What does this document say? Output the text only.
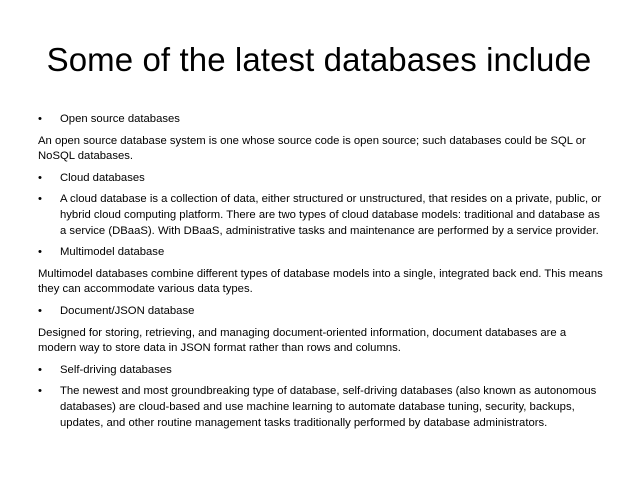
Some of the latest databases include
•	Open source databases

An open source database system is one whose source code is open source; such databases could be SQL or NoSQL databases.

•	Cloud databases
•	A cloud database is a collection of data, either structured or unstructured, that resides on a private, public, or hybrid cloud computing platform. There are two types of cloud database models: traditional and database as a service (DBaaS). With DBaaS, administrative tasks and maintenance are performed by a service provider.
•	Multimodel database

Multimodel databases combine different types of database models into a single, integrated back end. This means they can accommodate various data types.

•	Document/JSON database

Designed for storing, retrieving, and managing document-oriented information, document databases are a modern way to store data in JSON format rather than rows and columns.

•	Self-driving databases
•	The newest and most groundbreaking type of database, self-driving databases (also known as autonomous databases) are cloud-based and use machine learning to automate database tuning, security, backups, updates, and other routine management tasks traditionally performed by database administrators.
